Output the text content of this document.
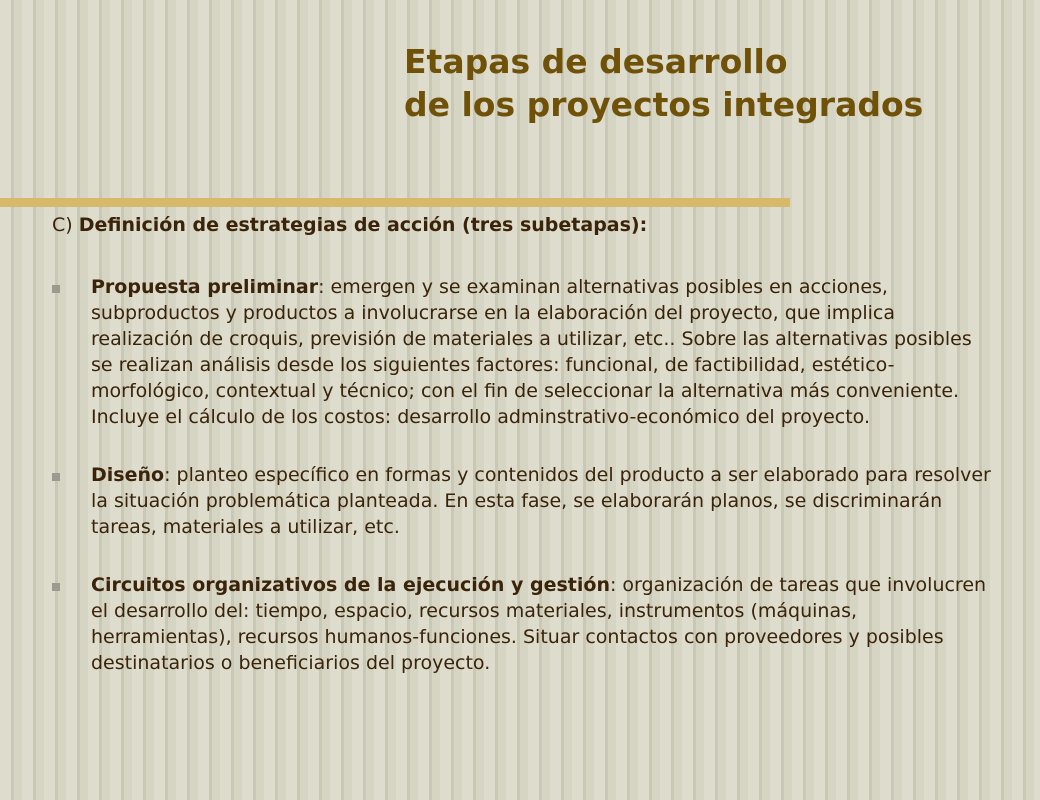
Etapas de desarrollo
de los proyectos integrados

C) Definición de estrategias de acción (tres subetapas):

Propuesta preliminar: emergen y se examinan alternativas posibles en acciones, subproductos y productos a involucrarse en la elaboración del proyecto, que implica realización de croquis, previsión de materiales a utilizar, etc.. Sobre las alternativas posibles se realizan análisis desde los siguientes factores: funcional, de factibilidad, estético-morfológico, contextual y técnico; con el fin de seleccionar la alternativa más conveniente. Incluye el cálculo de los costos: desarrollo adminstrativo-económico del proyecto.
Diseño: planteo específico en formas y contenidos del producto a ser elaborado para resolver la situación problemática planteada. En esta fase, se elaborarán planos, se discriminarán tareas, materiales a utilizar, etc.
Circuitos organizativos de la ejecución y gestión: organización de tareas que involucren el desarrollo del: tiempo, espacio, recursos materiales, instrumentos (máquinas, herramientas), recursos humanos-funciones. Situar contactos con proveedores y posibles destinatarios o beneficiarios del proyecto.
